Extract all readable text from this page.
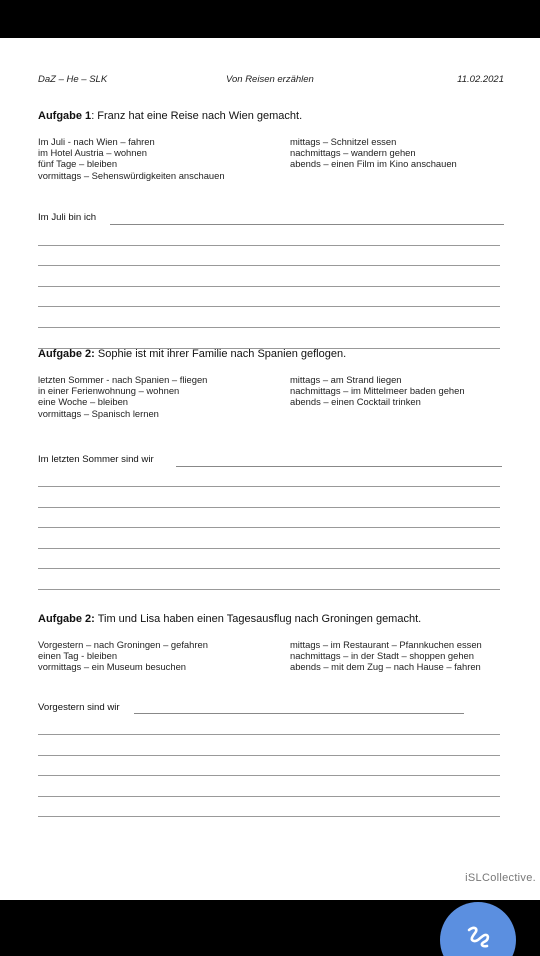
DaZ – He – SLK	Von Reisen erzählen	11.02.2021
Aufgabe 1: Franz hat eine Reise nach Wien gemacht.
Im Juli - nach Wien – fahren
im Hotel Austria – wohnen
fünf Tage – bleiben
vormittags – Sehenswürdigkeiten anschauen
mittags – Schnitzel essen
nachmittags – wandern gehen
abends – einen Film im Kino anschauen
Im Juli bin ich
Aufgabe 2: Sophie ist mit ihrer Familie nach Spanien geflogen.
letzten Sommer - nach Spanien – fliegen
in einer Ferienwohnung – wohnen
eine Woche – bleiben
vormittags – Spanisch lernen
mittags – am Strand liegen
nachmittags – im Mittelmeer baden gehen
abends – einen Cocktail trinken
Im letzten Sommer sind wir
Aufgabe 2: Tim und Lisa haben einen Tagesausflug nach Groningen gemacht.
Vorgestern – nach Groningen – gefahren
einen Tag - bleiben
vormittags – ein Museum besuchen
mittags – im Restaurant – Pfannkuchen essen
nachmittags – in der Stadt – shoppen gehen
abends – mit dem Zug – nach Hause – fahren
Vorgestern sind wir
iSLCollective.
